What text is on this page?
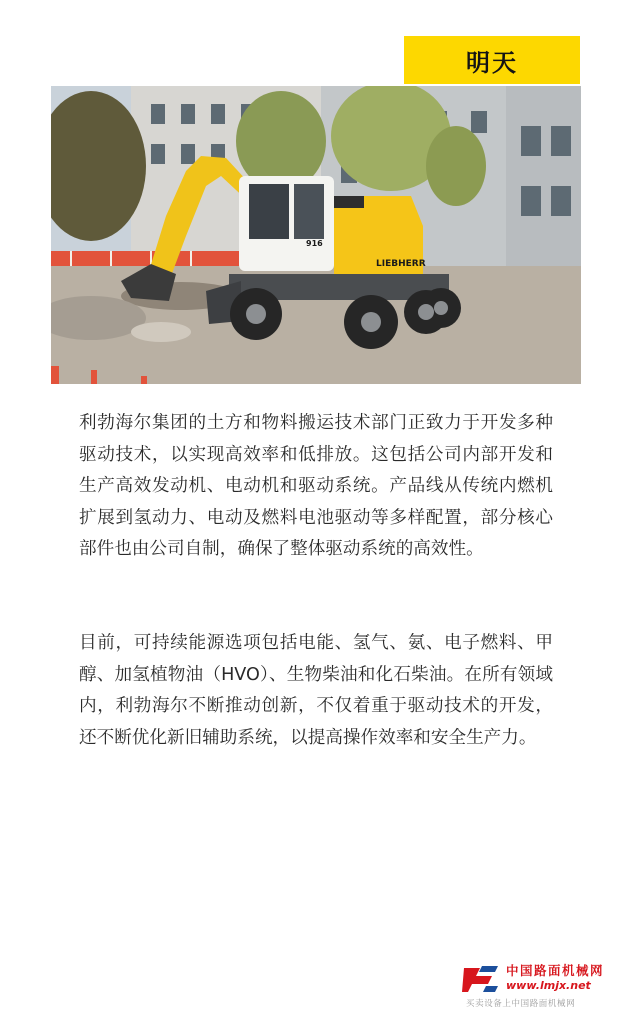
明天
LIEBHERR
916

利勃海尔集团的土方和物料搬运技术部门正致力于开发多种驱动技术，以实现高效率和低排放。这包括公司内部开发和生产高效发动机、电动机和驱动系统。产品线从传统内燃机扩展到氢动力、电动及燃料电池驱动等多样配置，部分核心部件也由公司自制，确保了整体驱动系统的高效性。

目前，可持续能源选项包括电能、氢气、氨、电子燃料、甲醇、加氢植物油（HVO）、生物柴油和化石柴油。在所有领域内，利勃海尔不断推动创新，不仅着重于驱动技术的开发，还不断优化新旧辅助系统，以提高操作效率和安全生产力。

中国路面机械网
www.lmjx.net
买卖设备上中国路面机械网
